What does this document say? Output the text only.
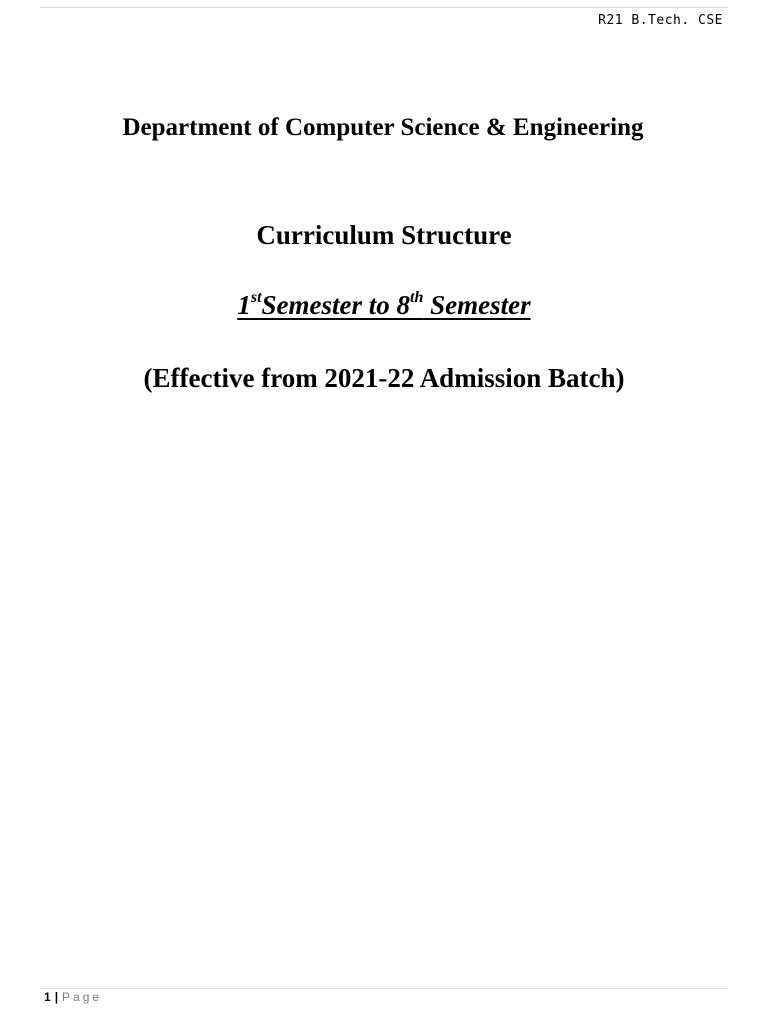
R21 B.Tech. CSE
Department of Computer Science & Engineering
Curriculum Structure
1stSemester to 8th Semester
(Effective from 2021-22 Admission Batch)
1 | Page
